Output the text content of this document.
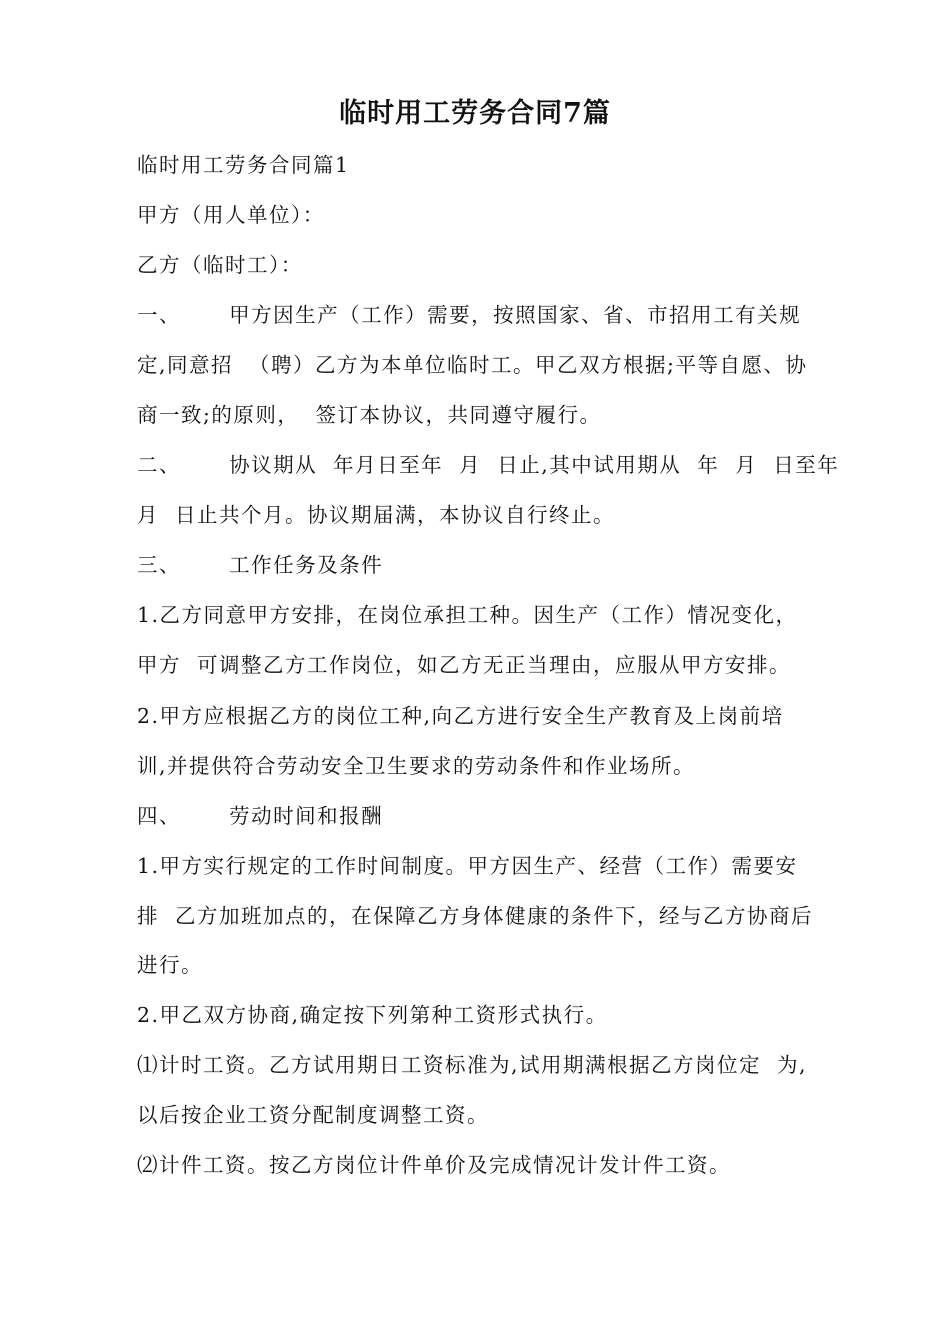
临时用工劳务合同7篇
临时用工劳务合同篇1
甲方（用人单位）：
乙方（临时工）：
一、      甲方因生产（工作）需要，按照国家、省、市招用工有关规
定,同意招  （聘）乙方为本单位临时工。甲乙双方根据;平等自愿、协
商一致;的原则，  签订本协议，共同遵守履行。
二、      协议期从  年月日至年  月  日止,其中试用期从  年  月  日至年
月  日止共个月。协议期届满，本协议自行终止。
三、      工作任务及条件
1.乙方同意甲方安排，在岗位承担工种。因生产（工作）情况变化，
甲方  可调整乙方工作岗位，如乙方无正当理由，应服从甲方安排。
2.甲方应根据乙方的岗位工种,向乙方进行安全生产教育及上岗前培
训,并提供符合劳动安全卫生要求的劳动条件和作业场所。
四、      劳动时间和报酬
1.甲方实行规定的工作时间制度。甲方因生产、经营（工作）需要安
排  乙方加班加点的，在保障乙方身体健康的条件下，经与乙方协商后
进行。
2.甲乙双方协商,确定按下列第种工资形式执行。
⑴计时工资。乙方试用期日工资标准为,试用期满根据乙方岗位定  为,
以后按企业工资分配制度调整工资。
⑵计件工资。按乙方岗位计件单价及完成情况计发计件工资。
